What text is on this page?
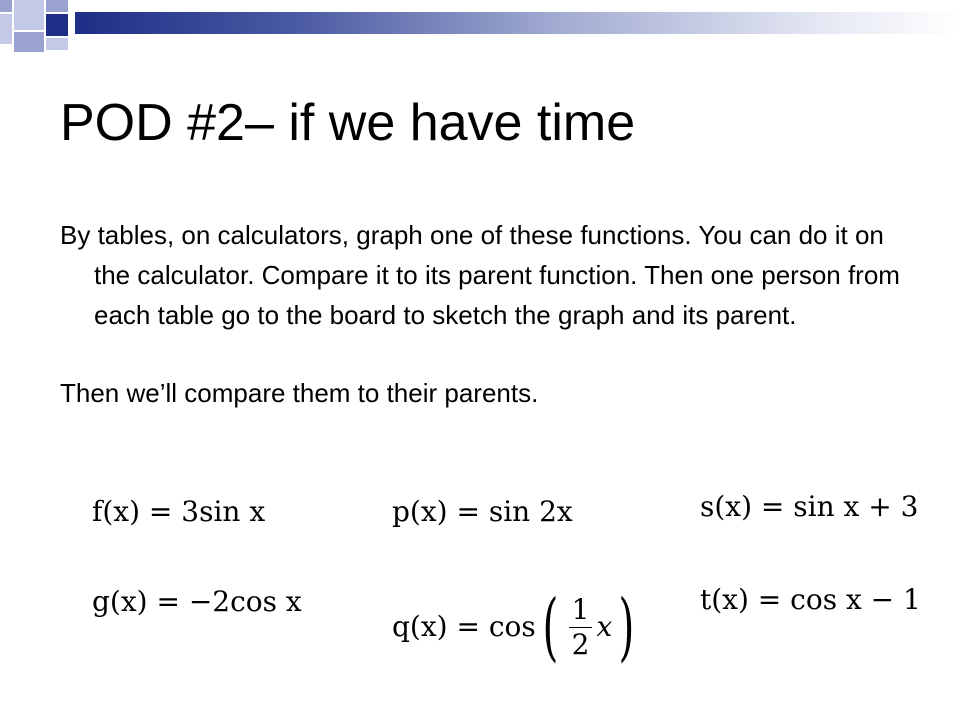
POD #2– if we have time

By tables, on calculators, graph one of these functions. You can do it on the calculator. Compare it to its parent function. Then one person from each table go to the board to sketch the graph and its parent.

Then we’ll compare them to their parents.

f(x) = 3sin x	p(x) = sin 2x	s(x) = sin x + 3
g(x) = −2cos x
q(x) = cos ( $\frac{1}{2}$ x ) t(x) = cos x − 1
